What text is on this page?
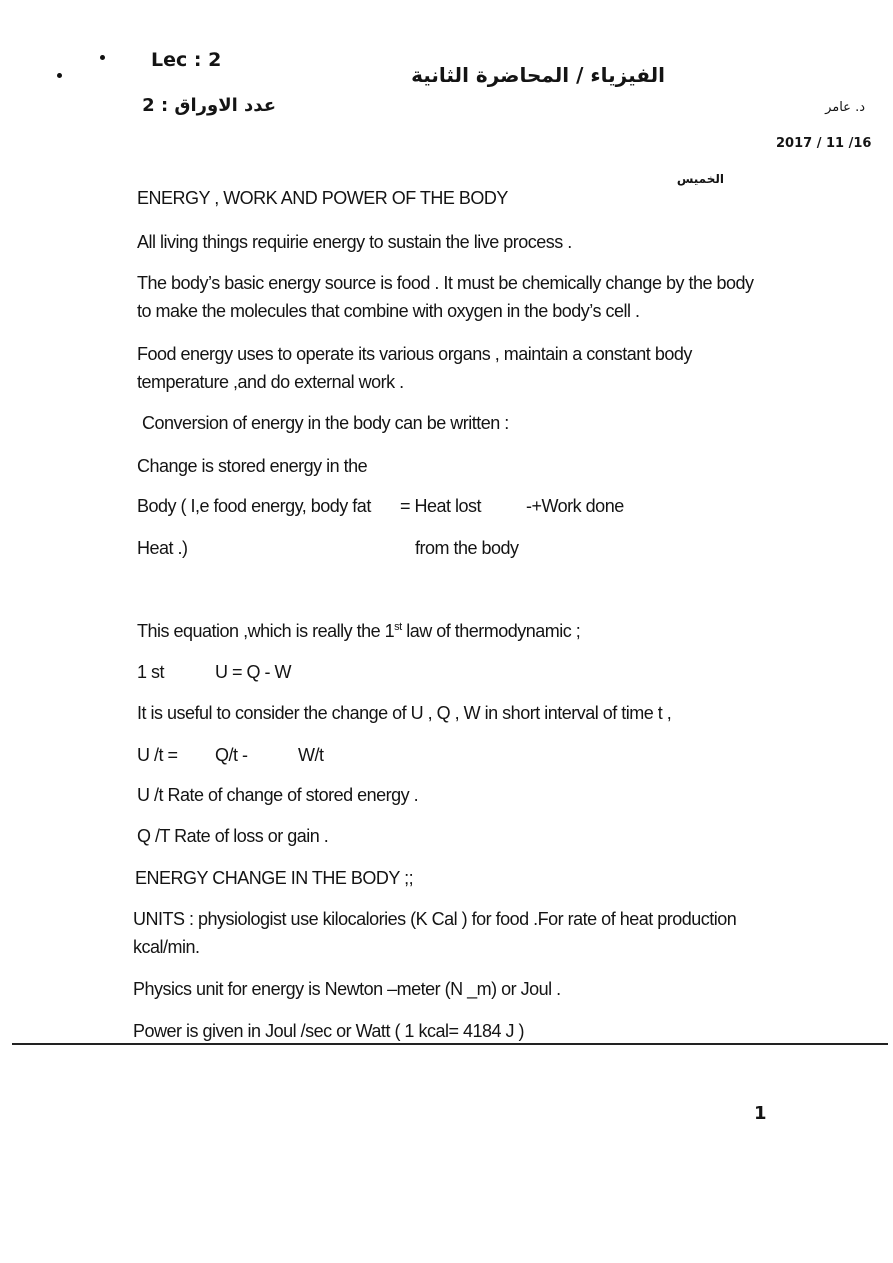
Lec : 2
الفيزياء / المحاضرة الثانية
عدد الاوراق : 2	د. عامر
2017 / 11 /16
الخميس
ENERGY , WORK AND POWER OF THE BODY
All living things requirie energy to sustain the live process .
The body’s basic energy source is food . It must be chemically change by the body
to make the molecules that combine with oxygen in the body’s cell .
Food energy uses to operate its various organs , maintain a constant body
temperature ,and do external work .
Conversion of energy in the body can be written :
Change is stored energy in the
Body ( I,e food energy, body fat = Heat lost -+Work done
Heat .)	from the body
This equation ,which is really the 1st law of thermodynamic ;
1 st	U = Q - W
It is useful to consider the change of U , Q , W in short interval of time t ,
U /t = Q/t -	W/t
U /t Rate of change of stored energy .
Q /T Rate of loss or gain .
ENERGY CHANGE IN THE BODY ;;
UNITS : physiologist use kilocalories (K Cal ) for food .For rate of heat production
kcal/min.
Physics unit for energy is Newton –meter (N _m) or Joul .
Power is given in Joul /sec or Watt ( 1 kcal= 4184 J )
1
